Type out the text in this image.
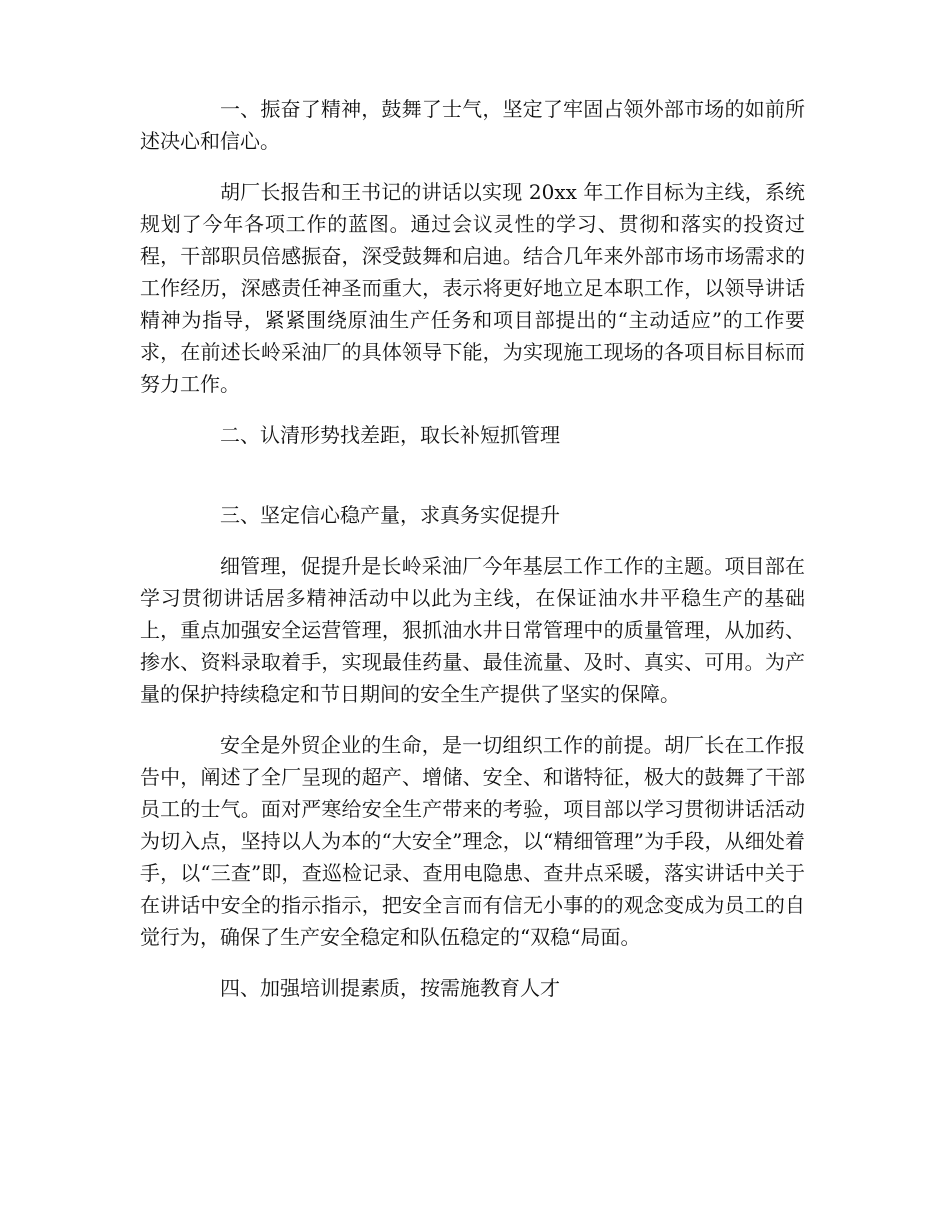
一、振奋了精神，鼓舞了士气，坚定了牢固占领外部市场的如前所述决心和信心。

胡厂长报告和王书记的讲话以实现 20xx 年工作目标为主线，系统规划了今年各项工作的蓝图。通过会议灵性的学习、贯彻和落实的投资过程，干部职员倍感振奋，深受鼓舞和启迪。结合几年来外部市场市场需求的工作经历，深感责任神圣而重大，表示将更好地立足本职工作，以领导讲话精神为指导，紧紧围绕原油生产任务和项目部提出的“主动适应”的工作要求，在前述长岭采油厂的具体领导下能，为实现施工现场的各项目标目标而努力工作。

二、认清形势找差距，取长补短抓管理

三、坚定信心稳产量，求真务实促提升

细管理，促提升是长岭采油厂今年基层工作工作的主题。项目部在学习贯彻讲话居多精神活动中以此为主线，在保证油水井平稳生产的基础上，重点加强安全运营管理，狠抓油水井日常管理中的质量管理，从加药、掺水、资料录取着手，实现最佳药量、最佳流量、及时、真实、可用。为产量的保护持续稳定和节日期间的安全生产提供了坚实的保障。

安全是外贸企业的生命，是一切组织工作的前提。胡厂长在工作报告中，阐述了全厂呈现的超产、增储、安全、和谐特征，极大的鼓舞了干部员工的士气。面对严寒给安全生产带来的考验，项目部以学习贯彻讲话活动为切入点，坚持以人为本的“大安全”理念，以“精细管理”为手段，从细处着手，以“三查”即，查巡检记录、查用电隐患、查井点采暖，落实讲话中关于在讲话中安全的指示指示，把安全言而有信无小事的的观念变成为员工的自觉行为，确保了生产安全稳定和队伍稳定的“双稳“局面。

四、加强培训提素质，按需施教育人才
